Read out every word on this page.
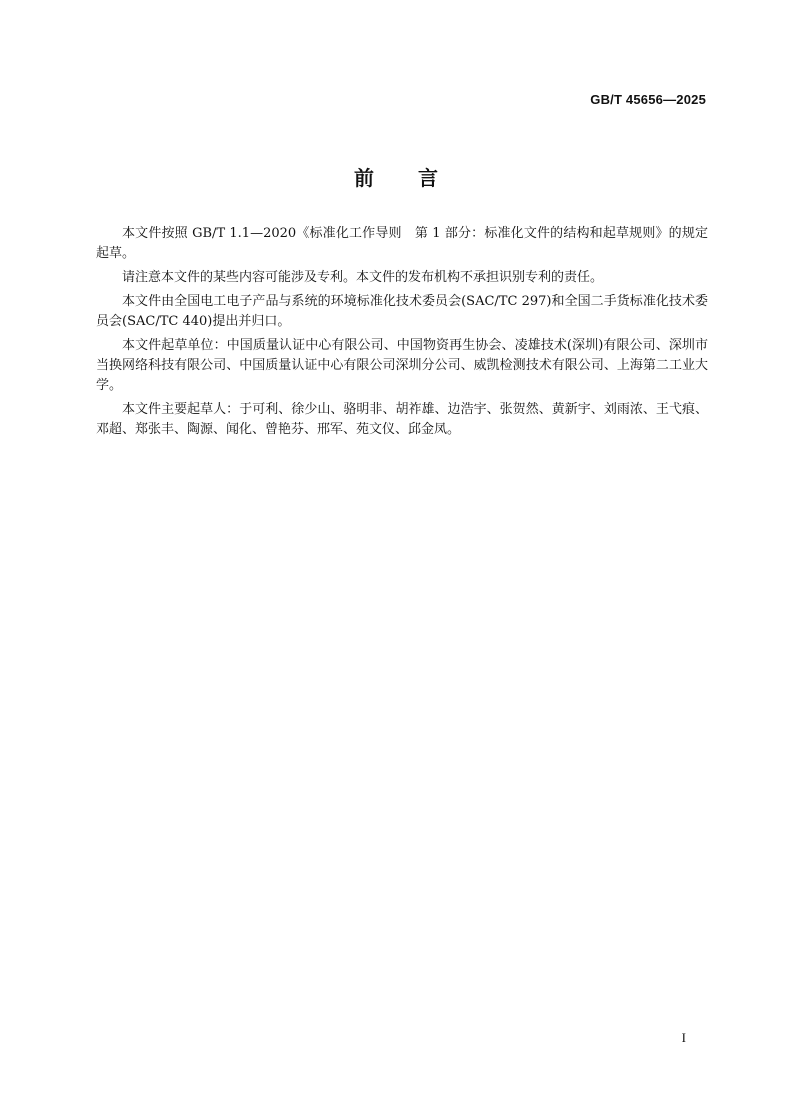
GB/T 45656—2025
前言

本文件按照 GB/T 1.1—2020《标准化工作导则　第 1 部分：标准化文件的结构和起草规则》的规定起草。

请注意本文件的某些内容可能涉及专利。本文件的发布机构不承担识别专利的责任。

本文件由全国电工电子产品与系统的环境标准化技术委员会(SAC/TC 297)和全国二手货标准化技术委员会(SAC/TC 440)提出并归口。

本文件起草单位：中国质量认证中心有限公司、中国物资再生协会、凌雄技术(深圳)有限公司、深圳市当换网络科技有限公司、中国质量认证中心有限公司深圳分公司、威凯检测技术有限公司、上海第二工业大学。

本文件主要起草人：于可利、徐少山、骆明非、胡祚雄、边浩宇、张贺然、黄新宇、刘雨浓、王弋痕、邓超、郑张丰、陶源、闻化、曾艳芬、邢军、苑文仪、邱金凤。

I
